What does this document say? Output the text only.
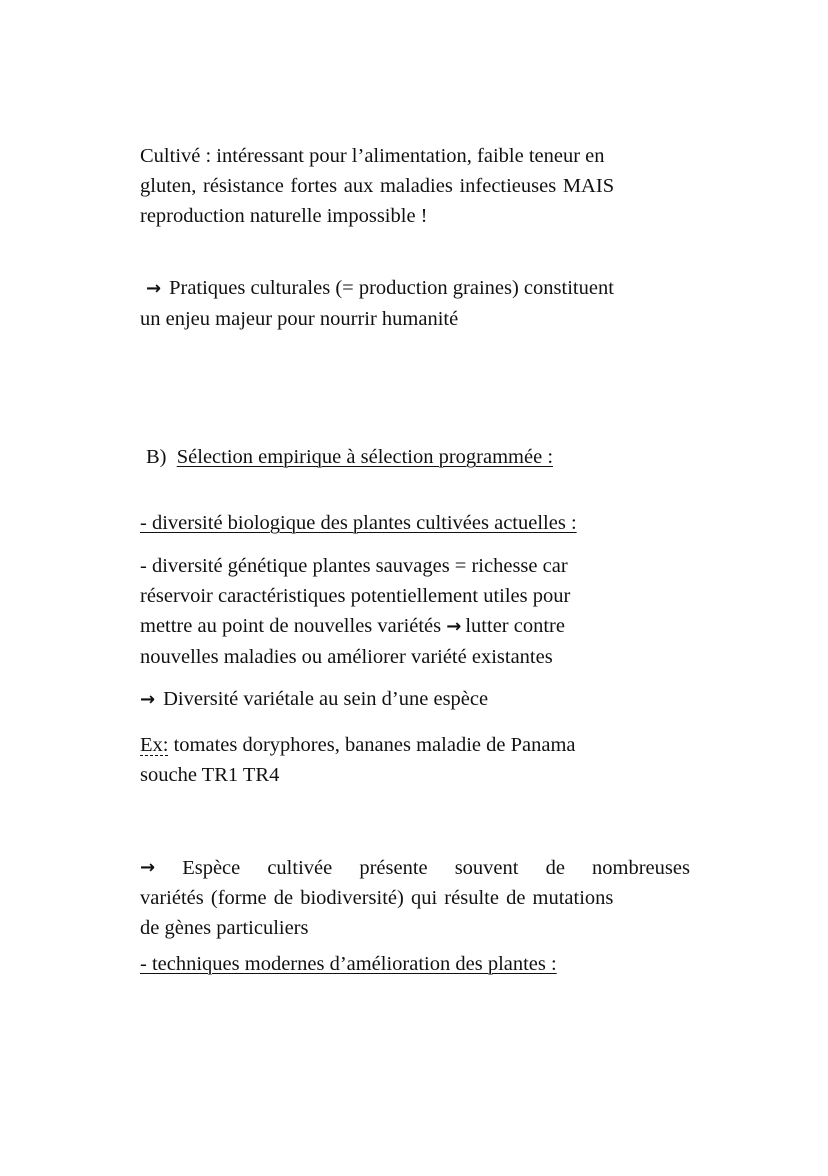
Cultivé : intéressant pour l’alimentation, faible teneur en
gluten, résistance fortes aux maladies infectieuses MAIS
reproduction naturelle impossible !
→ Pratiques culturales (= production graines) constituent
un enjeu majeur pour nourrir humanité
B) Sélection empirique à sélection programmée :
- diversité biologique des plantes cultivées actuelles :
- diversité génétique plantes sauvages = richesse car
réservoir caractéristiques potentiellement utiles pour
mettre au point de nouvelles variétés → lutter contre
nouvelles maladies ou améliorer variété existantes
→ Diversité variétale au sein d’une espèce
Ex: tomates doryphores, bananes maladie de Panama
souche TR1 TR4
→ Espèce cultivée présente souvent de nombreuses
variétés (forme de biodiversité) qui résulte de mutations
de gènes particuliers
- techniques modernes d’amélioration des plantes :
